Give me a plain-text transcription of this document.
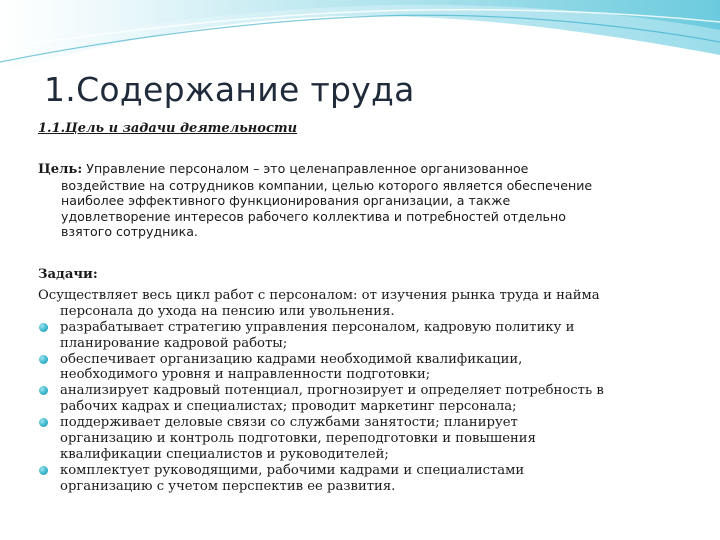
1.Содержание труда
1.1.Цель и задачи деятельности
Цель: Управление персоналом – это целенаправленное организованное
воздействие на сотрудников компании, целью которого является обеспечение
наиболее эффективного функционирования организации, а также
удовлетворение интересов рабочего коллектива и потребностей отдельно
взятого сотрудника.
Задачи:
Осуществляет весь цикл работ с персоналом: от изучения рынка труда и найма
персонала до ухода на пенсию или увольнения.
разрабатывает стратегию управления персоналом, кадровую политику и
планирование кадровой работы;
обеспечивает организацию кадрами необходимой квалификации,
необходимого уровня и направленности подготовки;
анализирует кадровый потенциал, прогнозирует и определяет потребность в
рабочих кадрах и специалистах; проводит маркетинг персонала;
поддерживает деловые связи со службами занятости; планирует
организацию и контроль подготовки, переподготовки и повышения
квалификации специалистов и руководителей;
комплектует руководящими, рабочими кадрами и специалистами
организацию с учетом перспектив ее развития.
